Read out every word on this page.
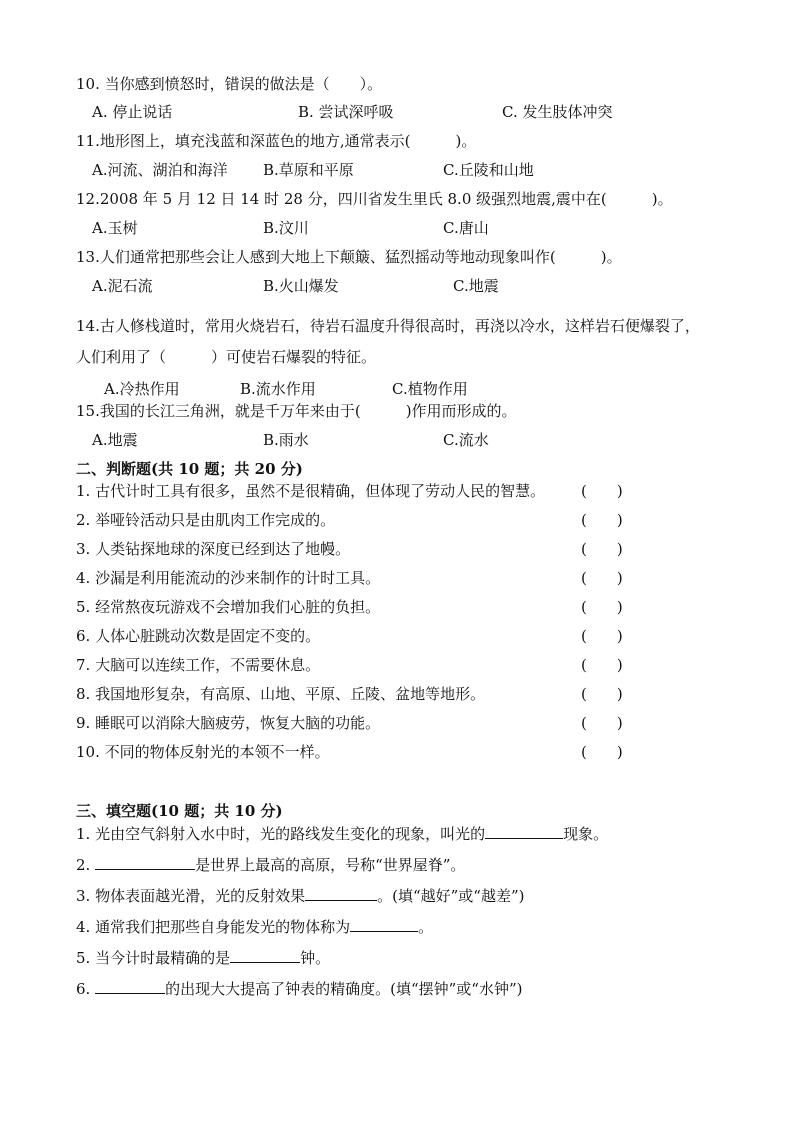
10. 当你感到愤怒时，错误的做法是（　　）。
A. 停止说话	B. 尝试深呼吸	C. 发生肢体冲突
11.地形图上，填充浅蓝和深蓝色的地方,通常表示(　　　)。
A.河流、湖泊和海洋 B.草原和平原	C.丘陵和山地
12.2008 年 5 月 12 日 14 时 28 分，四川省发生里氏 8.0 级强烈地震,震中在(　　　)。
A.玉树	B.汶川	C.唐山
13.人们通常把那些会让人感到大地上下颠簸、猛烈摇动等地动现象叫作(　　　)。
A.泥石流	B.火山爆发	C.地震
14.古人修栈道时，常用火烧岩石，待岩石温度升得很高时，再浇以冷水，这样岩石便爆裂了，
人们利用了（　　　）可使岩石爆裂的特征。
A.冷热作用	B.流水作用	C.植物作用
15.我国的长江三角洲，就是千万年来由于(　　　)作用而形成的。
A.地震	B.雨水	C.流水
二、判断题(共 10 题；共 20 分)
1. 古代计时工具有很多，虽然不是很精确，但体现了劳动人民的智慧。 (　　)
2. 举哑铃活动只是由肌肉工作完成的。	(　　)
3. 人类钻探地球的深度已经到达了地幔。	(　　)
4. 沙漏是利用能流动的沙来制作的计时工具。	(　　)
5. 经常熬夜玩游戏不会增加我们心脏的负担。	(　　)
6. 人体心脏跳动次数是固定不变的。	(　　)
7. 大脑可以连续工作，不需要休息。	(　　)
8. 我国地形复杂，有高原、山地、平原、丘陵、盆地等地形。	(　　)
9. 睡眠可以消除大脑疲劳，恢复大脑的功能。	(　　)
10. 不同的物体反射光的本领不一样。	(　　)
三、填空题(10 题；共 10 分)
1. 光由空气斜射入水中时，光的路线发生变化的现象，叫光的	现象。
2.	是世界上最高的高原，号称“世界屋脊”。
3. 物体表面越光滑，光的反射效果	。(填“越好”或“越差”)
4. 通常我们把那些自身能发光的物体称为	。
5. 当今计时最精确的是	钟。
6.	的出现大大提高了钟表的精确度。(填“摆钟”或“水钟”)
